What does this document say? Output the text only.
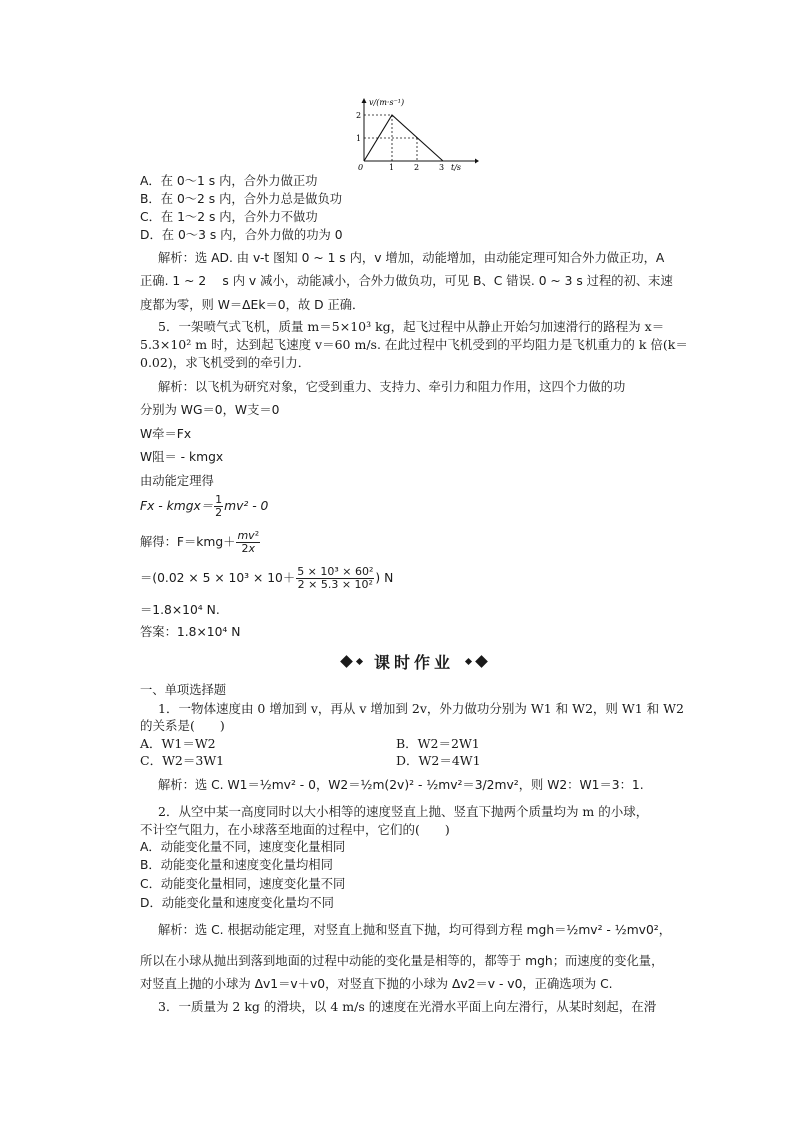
v/(m·s⁻¹)
2
1
0	1 2 3 t/s
A．在 0～1 s 内，合外力做正功
B．在 0～2 s 内，合外力总是做负功
C．在 1～2 s 内，合外力不做功
D．在 0～3 s 内，合外力做的功为 0
解析：选 AD. 由 v-t 图知 0 ~ 1 s 内，v 增加，动能增加，由动能定理可知合外力做正功，A
正确. 1 ~ 2　 s 内 v 减小，动能减小，合外力做负功，可见 B、C 错误. 0 ~ 3 s 过程的初、末速
度都为零，则 W＝ΔEk＝0，故 D 正确．
5．一架喷气式飞机，质量 m＝5×10³ kg，起飞过程中从静止开始匀加速滑行的路程为 x＝
5.3×10² m 时，达到起飞速度 v＝60 m/s. 在此过程中飞机受到的平均阻力是飞机重力的 k 倍(k＝
0.02)，求飞机受到的牵引力．
解析：以飞机为研究对象，它受到重力、支持力、牵引力和阻力作用，这四个力做的功
分别为 WG＝0，W支＝0
W牵＝Fx
W阻＝ - kmgx
由动能定理得
Fx - kmgx＝ $\frac{1}{2} mv^2 - 0$
解得：$F=kmg+ \frac{\text{mv²}}{2x}$
$=(0.02 \times 5 \times 10^3 \times 10+ \frac{\text{5 × 10³ × 60²}}{\text{2 × 5.3 × 10²}}$ ) N
＝1.8×10⁴ N.
答案：1.8×10⁴ N
课时作业
一、单项选择题
1．一物体速度由 0 增加到 v，再从 v 增加到 2v，外力做功分别为 W1 和 W2，则 W1 和 W2
的关系是(　　)
A．W1＝W2	B．W2＝2W1
C．W2＝3W1	D．W2＝4W1
解析：选 C. W1＝½mv² - 0，W2＝½m(2v)² - ½mv²＝3/2mv²，则 W2：W1＝3：1.
2．从空中某一高度同时以大小相等的速度竖直上抛、竖直下抛两个质量均为 m 的小球，
不计空气阻力，在小球落至地面的过程中，它们的(　　)
A．动能变化量不同，速度变化量相同
B．动能变化量和速度变化量均相同
C．动能变化量相同，速度变化量不同
D．动能变化量和速度变化量均不同
解析：选 C. 根据动能定理，对竖直上抛和竖直下抛，均可得到方程 mgh＝½mv² - ½mv0²，
所以在小球从抛出到落到地面的过程中动能的变化量是相等的，都等于 mgh；而速度的变化量，
对竖直上抛的小球为 Δv1＝v＋v0，对竖直下抛的小球为 Δv2＝v - v0，正确选项为 C.
3．一质量为 2 kg 的滑块，以 4 m/s 的速度在光滑水平面上向左滑行，从某时刻起，在滑
